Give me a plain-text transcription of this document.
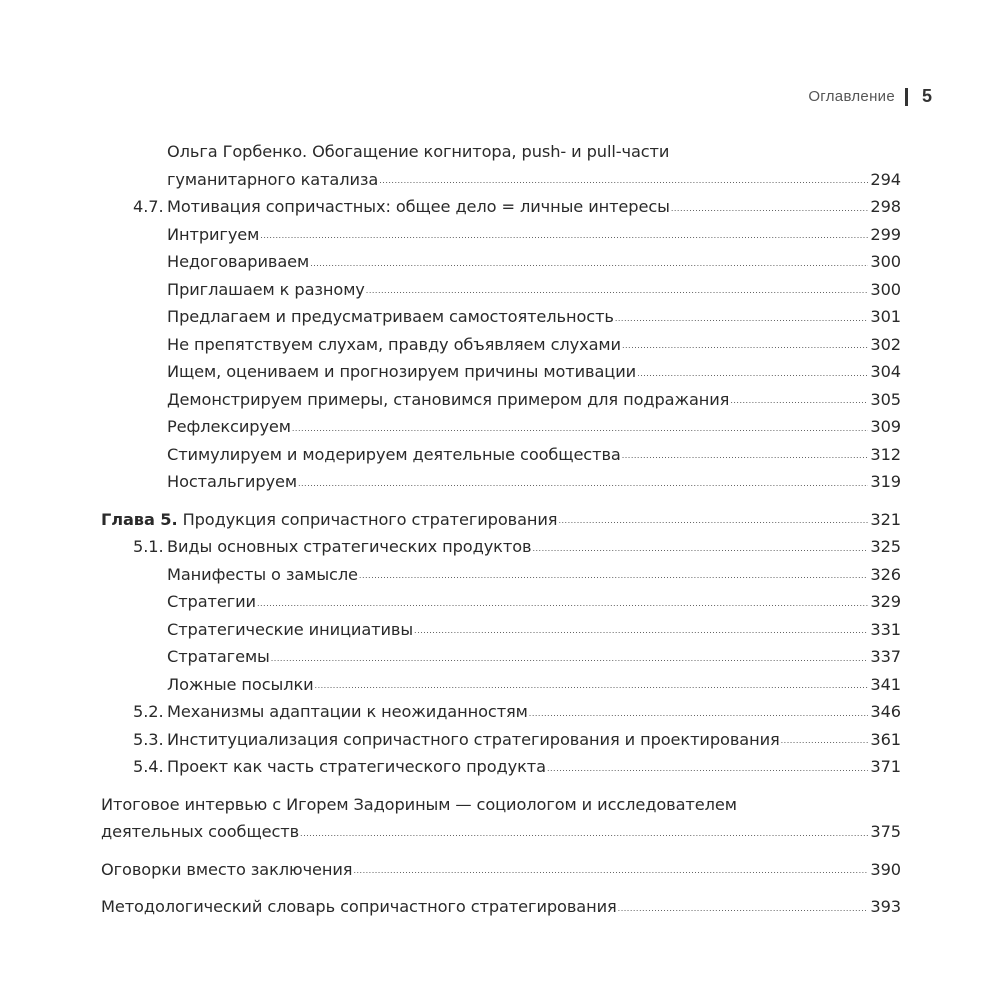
Оглавление 5
Ольга Горбенко. Обогащение когнитора, push- и pull-части
гуманитарного катализа .....	294
4.7. Мотивация сопричастных: общее дело = личные интересы .....	298
Интригуем .....	299
Недоговариваем .....	300
Приглашаем к разному .....	300
Предлагаем и предусматриваем самостоятельность .....	301
Не препятствуем слухам, правду объявляем слухами .....	302
Ищем, оцениваем и прогнозируем причины мотивации .....	304
Демонстрируем примеры, становимся примером для подражания .....	305
Рефлексируем .....	309
Стимулируем и модерируем деятельные сообщества .....	312
Ностальгируем .....	319
Глава 5. Продукция сопричастного стратегирования .....	321
5.1. Виды основных стратегических продуктов .....	325
Манифесты о замысле .....	326
Стратегии .....	329
Стратегические инициативы .....	331
Стратагемы .....	337
Ложные посылки .....	341
5.2. Механизмы адаптации к неожиданностям .....	346
5.3. Институциализация сопричастного стратегирования и проектирования .....	361
5.4. Проект как часть стратегического продукта .....	371
Итоговое интервью с Игорем Задориным — социологом и исследователем
деятельных сообществ .....	375
Оговорки вместо заключения .....	390
Методологический словарь сопричастного стратегирования .....	393
